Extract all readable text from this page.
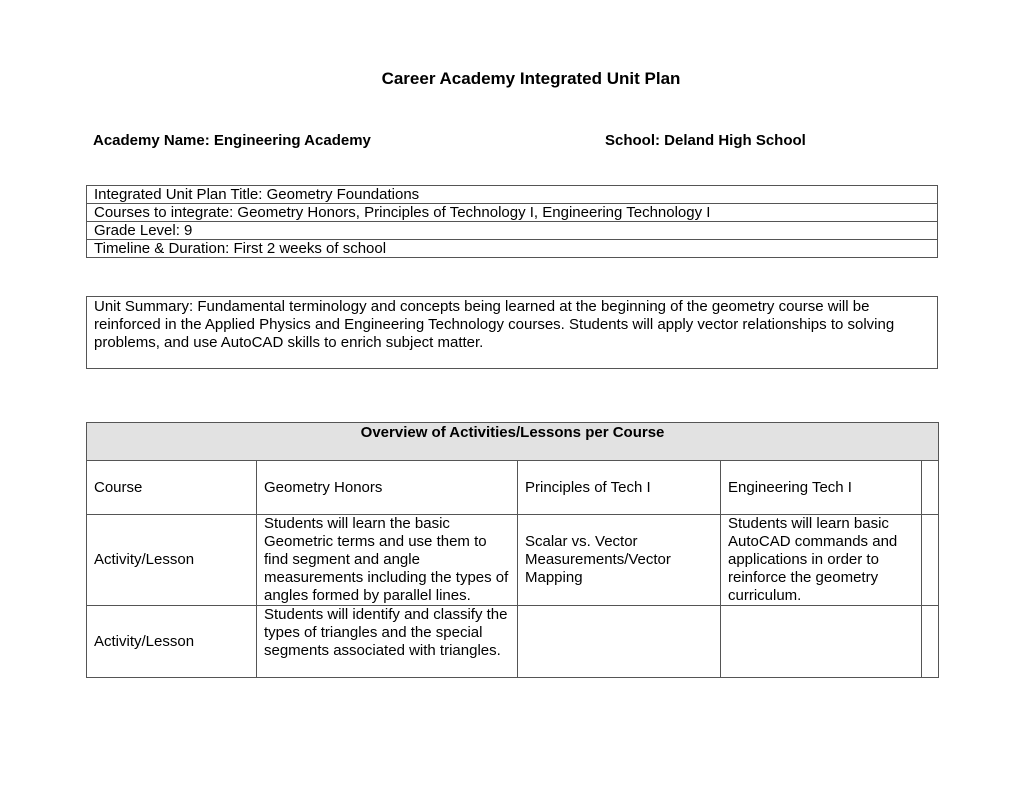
Career Academy Integrated Unit Plan
Academy Name: Engineering Academy	School: Deland High School
Integrated Unit Plan Title: Geometry Foundations
Courses to integrate: Geometry Honors, Principles of Technology I, Engineering Technology I
Grade Level: 9
Timeline & Duration: First 2 weeks of school
Unit Summary: Fundamental terminology and concepts being learned at the beginning of the geometry course will be reinforced in the Applied Physics and Engineering Technology courses. Students will apply vector relationships to solving problems, and use AutoCAD skills to enrich subject matter.
Overview of Activities/Lessons per Course				
Course	Geometry Honors	Principles of Tech I	Engineering Tech I	
Activity/Lesson	Students will learn the basic Geometric terms and use them to find segment and angle measurements including the types of angles formed by parallel lines.	Scalar vs. Vector Measurements/Vector Mapping	Students will learn basic AutoCAD commands and applications in order to reinforce the geometry curriculum.	
Activity/Lesson	Students will identify and classify the types of triangles and the special segments associated with triangles.			
